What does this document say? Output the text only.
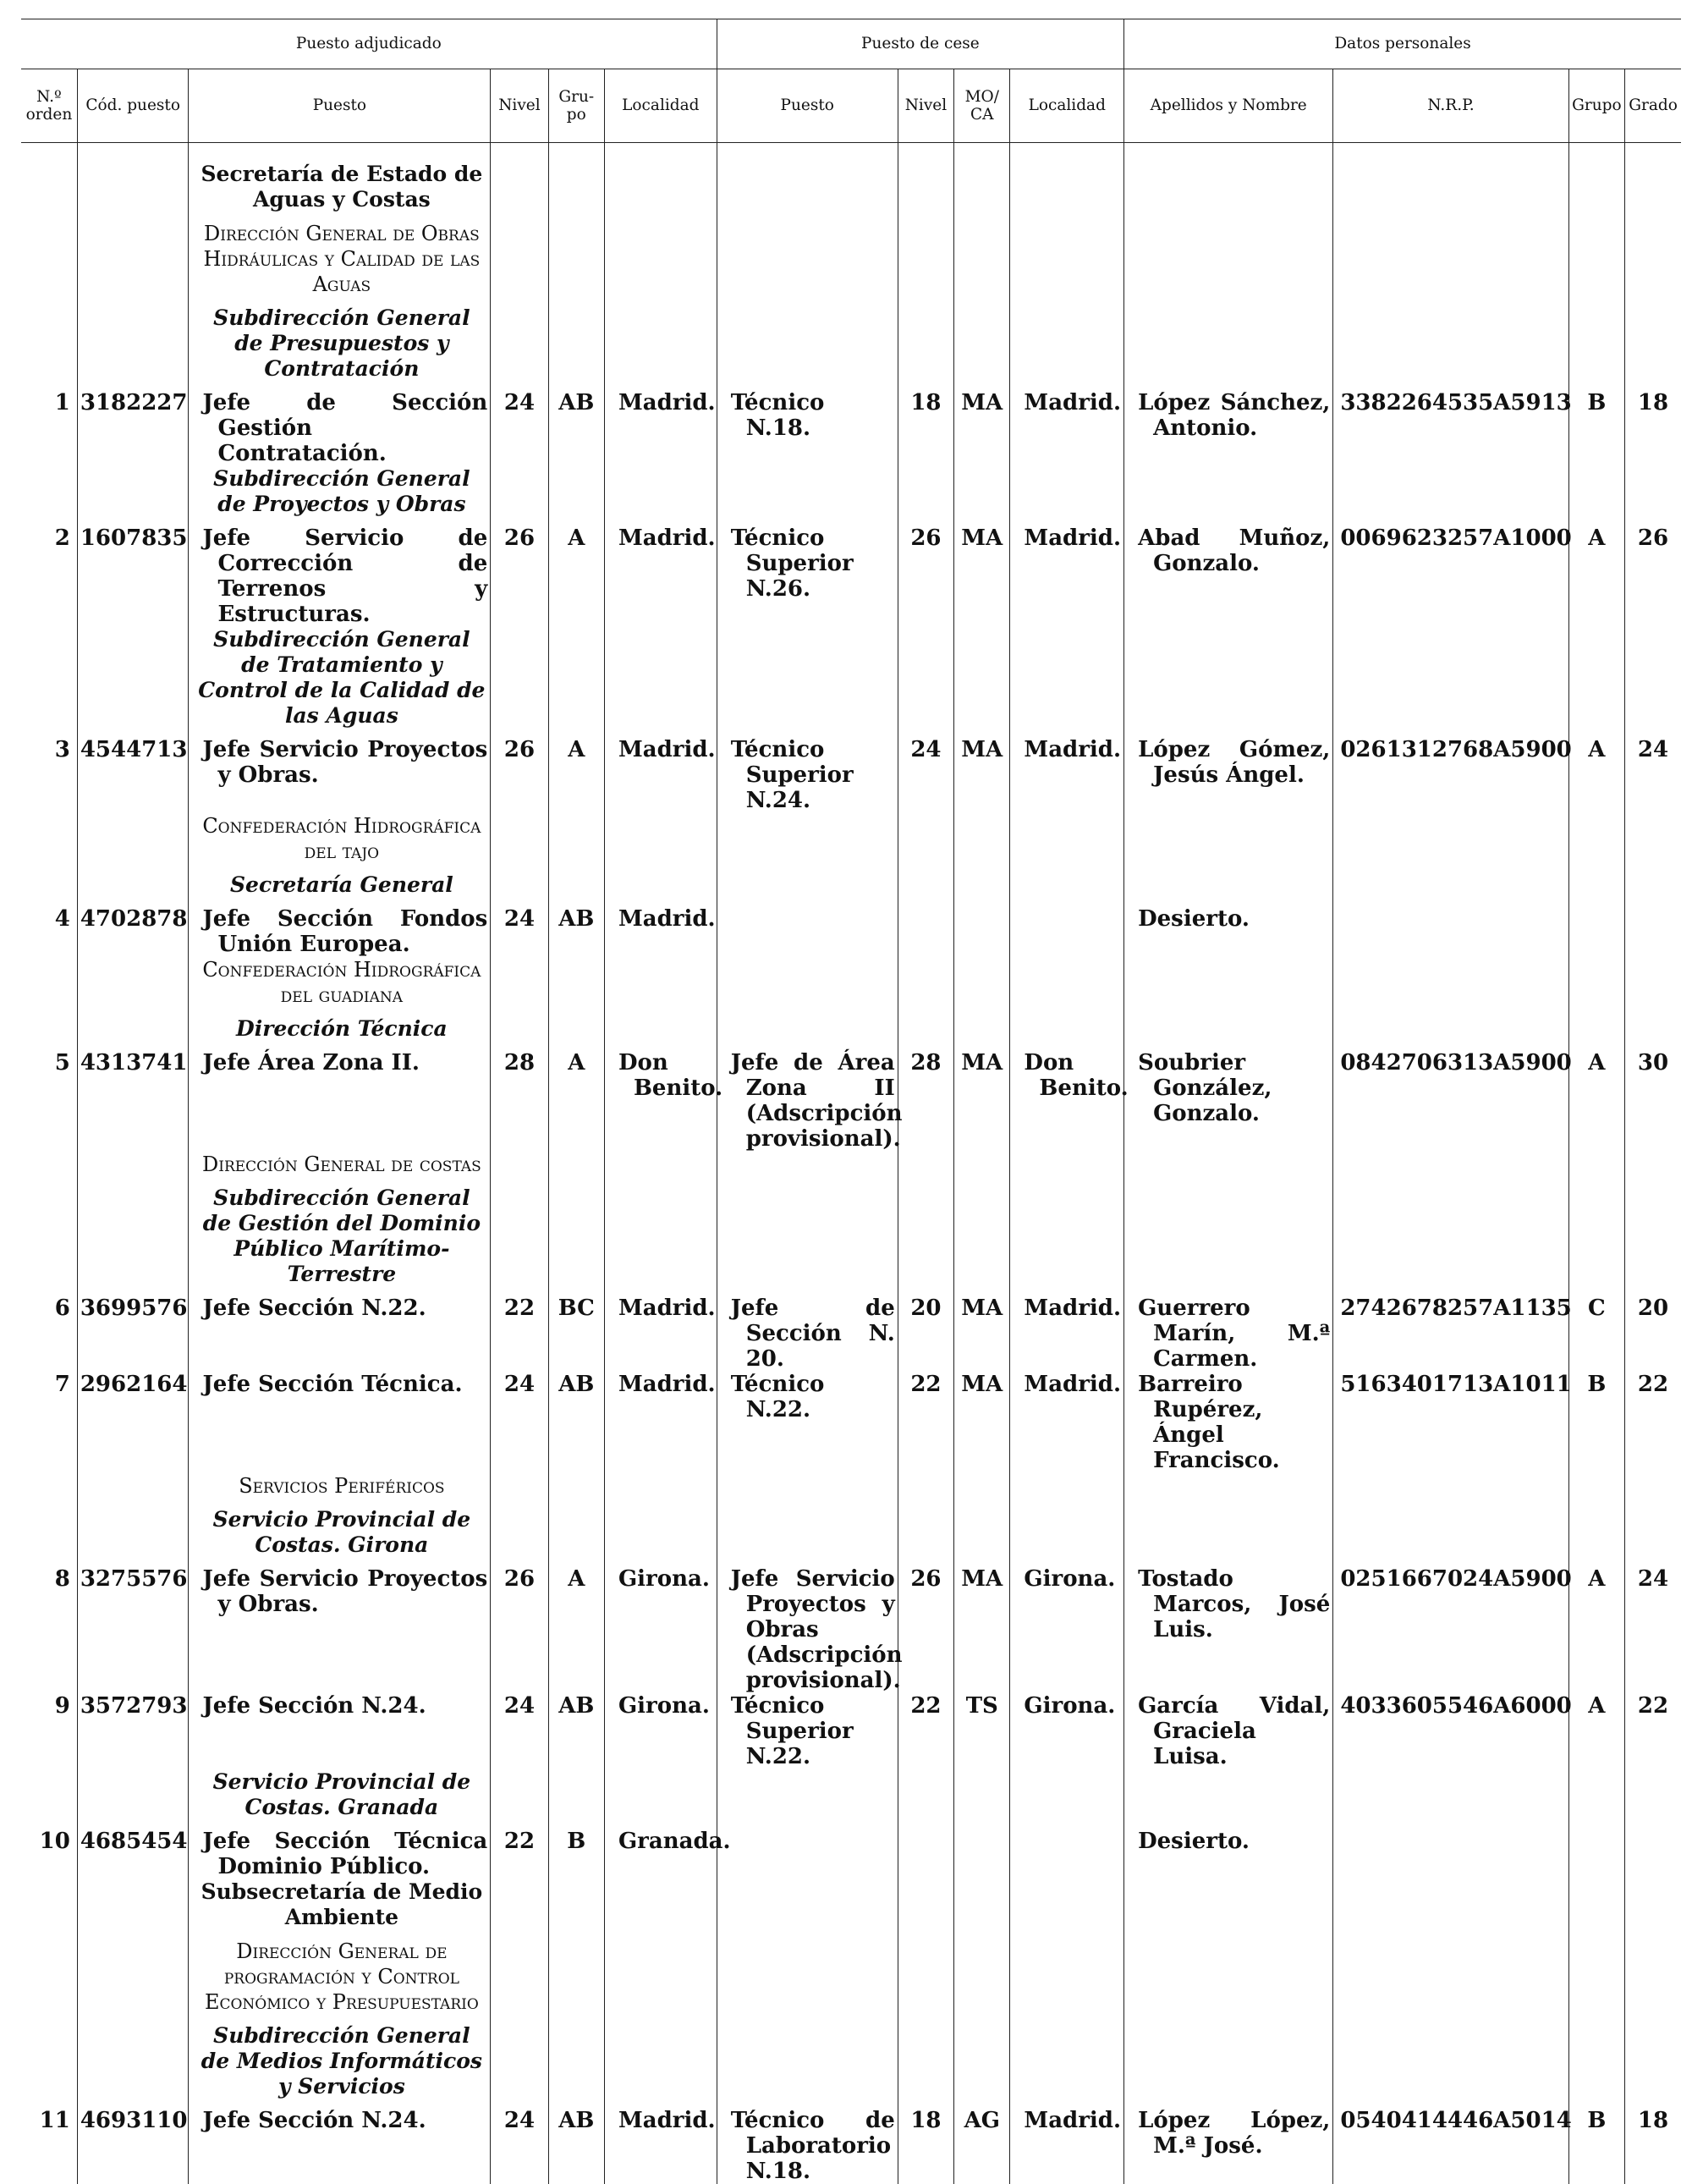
Puesto adjudicado						Puesto de cese				Datos personales			
N.º orden	Cód. puesto	Puesto	Nivel	Gru- po	Localidad	Puesto	Nivel	MO/ CA	Localidad	Apellidos y Nombre	N.R.P.	Grupo	Grado

		Secretaría de Estado de Aguas y Costas											

		Dirección General de Obras Hidráulicas y Calidad de las Aguas											

		Subdirección General de Presupuestos y Contratación											

1	3182227	Jefe de Sección Gestión Contratación.	24	AB	Madrid.	Técnico N.18.	18	MA	Madrid.	López Sánchez, Antonio.	3382264535A5913	B	18

		Subdirección General de Proyectos y Obras											

2	1607835	Jefe Servicio de Corrección de Terrenos y Estructuras.	26	A	Madrid.	Técnico Superior N.26.	26	MA	Madrid.	Abad Muñoz, Gonzalo.	0069623257A1000	A	26

		Subdirección General de Tratamiento y Control de la Calidad de las Aguas											

3	4544713	Jefe Servicio Proyectos y Obras.	26	A	Madrid.	Técnico Superior N.24.	24	MA	Madrid.	López Gómez, Jesús Ángel.	0261312768A5900	A	24

		Confederación Hidrográfica del tajo											

		Secretaría General											

4	4702878	Jefe Sección Fondos Unión Europea.	24	AB	Madrid.					Desierto.			

		Confederación Hidrográfica del guadiana											

		Dirección Técnica											

5	4313741	Jefe Área Zona II.	28	A	Don Benito.	Jefe de Área Zona II (Adscripción provisional).	28	MA	Don Benito.	Soubrier González, Gonzalo.	0842706313A5900	A	30

		Dirección General de costas											

		Subdirección General de Gestión del Dominio Público Marítimo-Terrestre											

6	3699576	Jefe Sección N.22.	22	BC	Madrid.	Jefe de Sección N. 20.	20	MA	Madrid.	Guerrero Marín, M.ª Carmen.	2742678257A1135	C	20
7	2962164	Jefe Sección Técnica.	24	AB	Madrid.	Técnico N.22.	22	MA	Madrid.	Barreiro Rupérez, Ángel Francisco.	5163401713A1011	B	22

		Servicios Periféricos											

		Servicio Provincial de Costas. Girona											

8	3275576	Jefe Servicio Proyectos y Obras.	26	A	Girona.	Jefe Servicio Proyectos y Obras (Adscripción provisional).	26	MA	Girona.	Tostado Marcos, José Luis.	0251667024A5900	A	24
9	3572793	Jefe Sección N.24.	24	AB	Girona.	Técnico Superior N.22.	22	TS	Girona.	García Vidal, Graciela Luisa.	4033605546A6000	A	22

		Servicio Provincial de Costas. Granada											

10	4685454	Jefe Sección Técnica Dominio Público.	22	B	Granada.					Desierto.			

		Subsecretaría de Medio Ambiente											

		Dirección General de programación y Control Económico y Presupuestario											

		Subdirección General de Medios Informáticos y Servicios											

11	4693110	Jefe Sección N.24.	24	AB	Madrid.	Técnico de Laboratorio N.18.	18	AG	Madrid.	López López, M.ª José.	0540414446A5014	B	18
